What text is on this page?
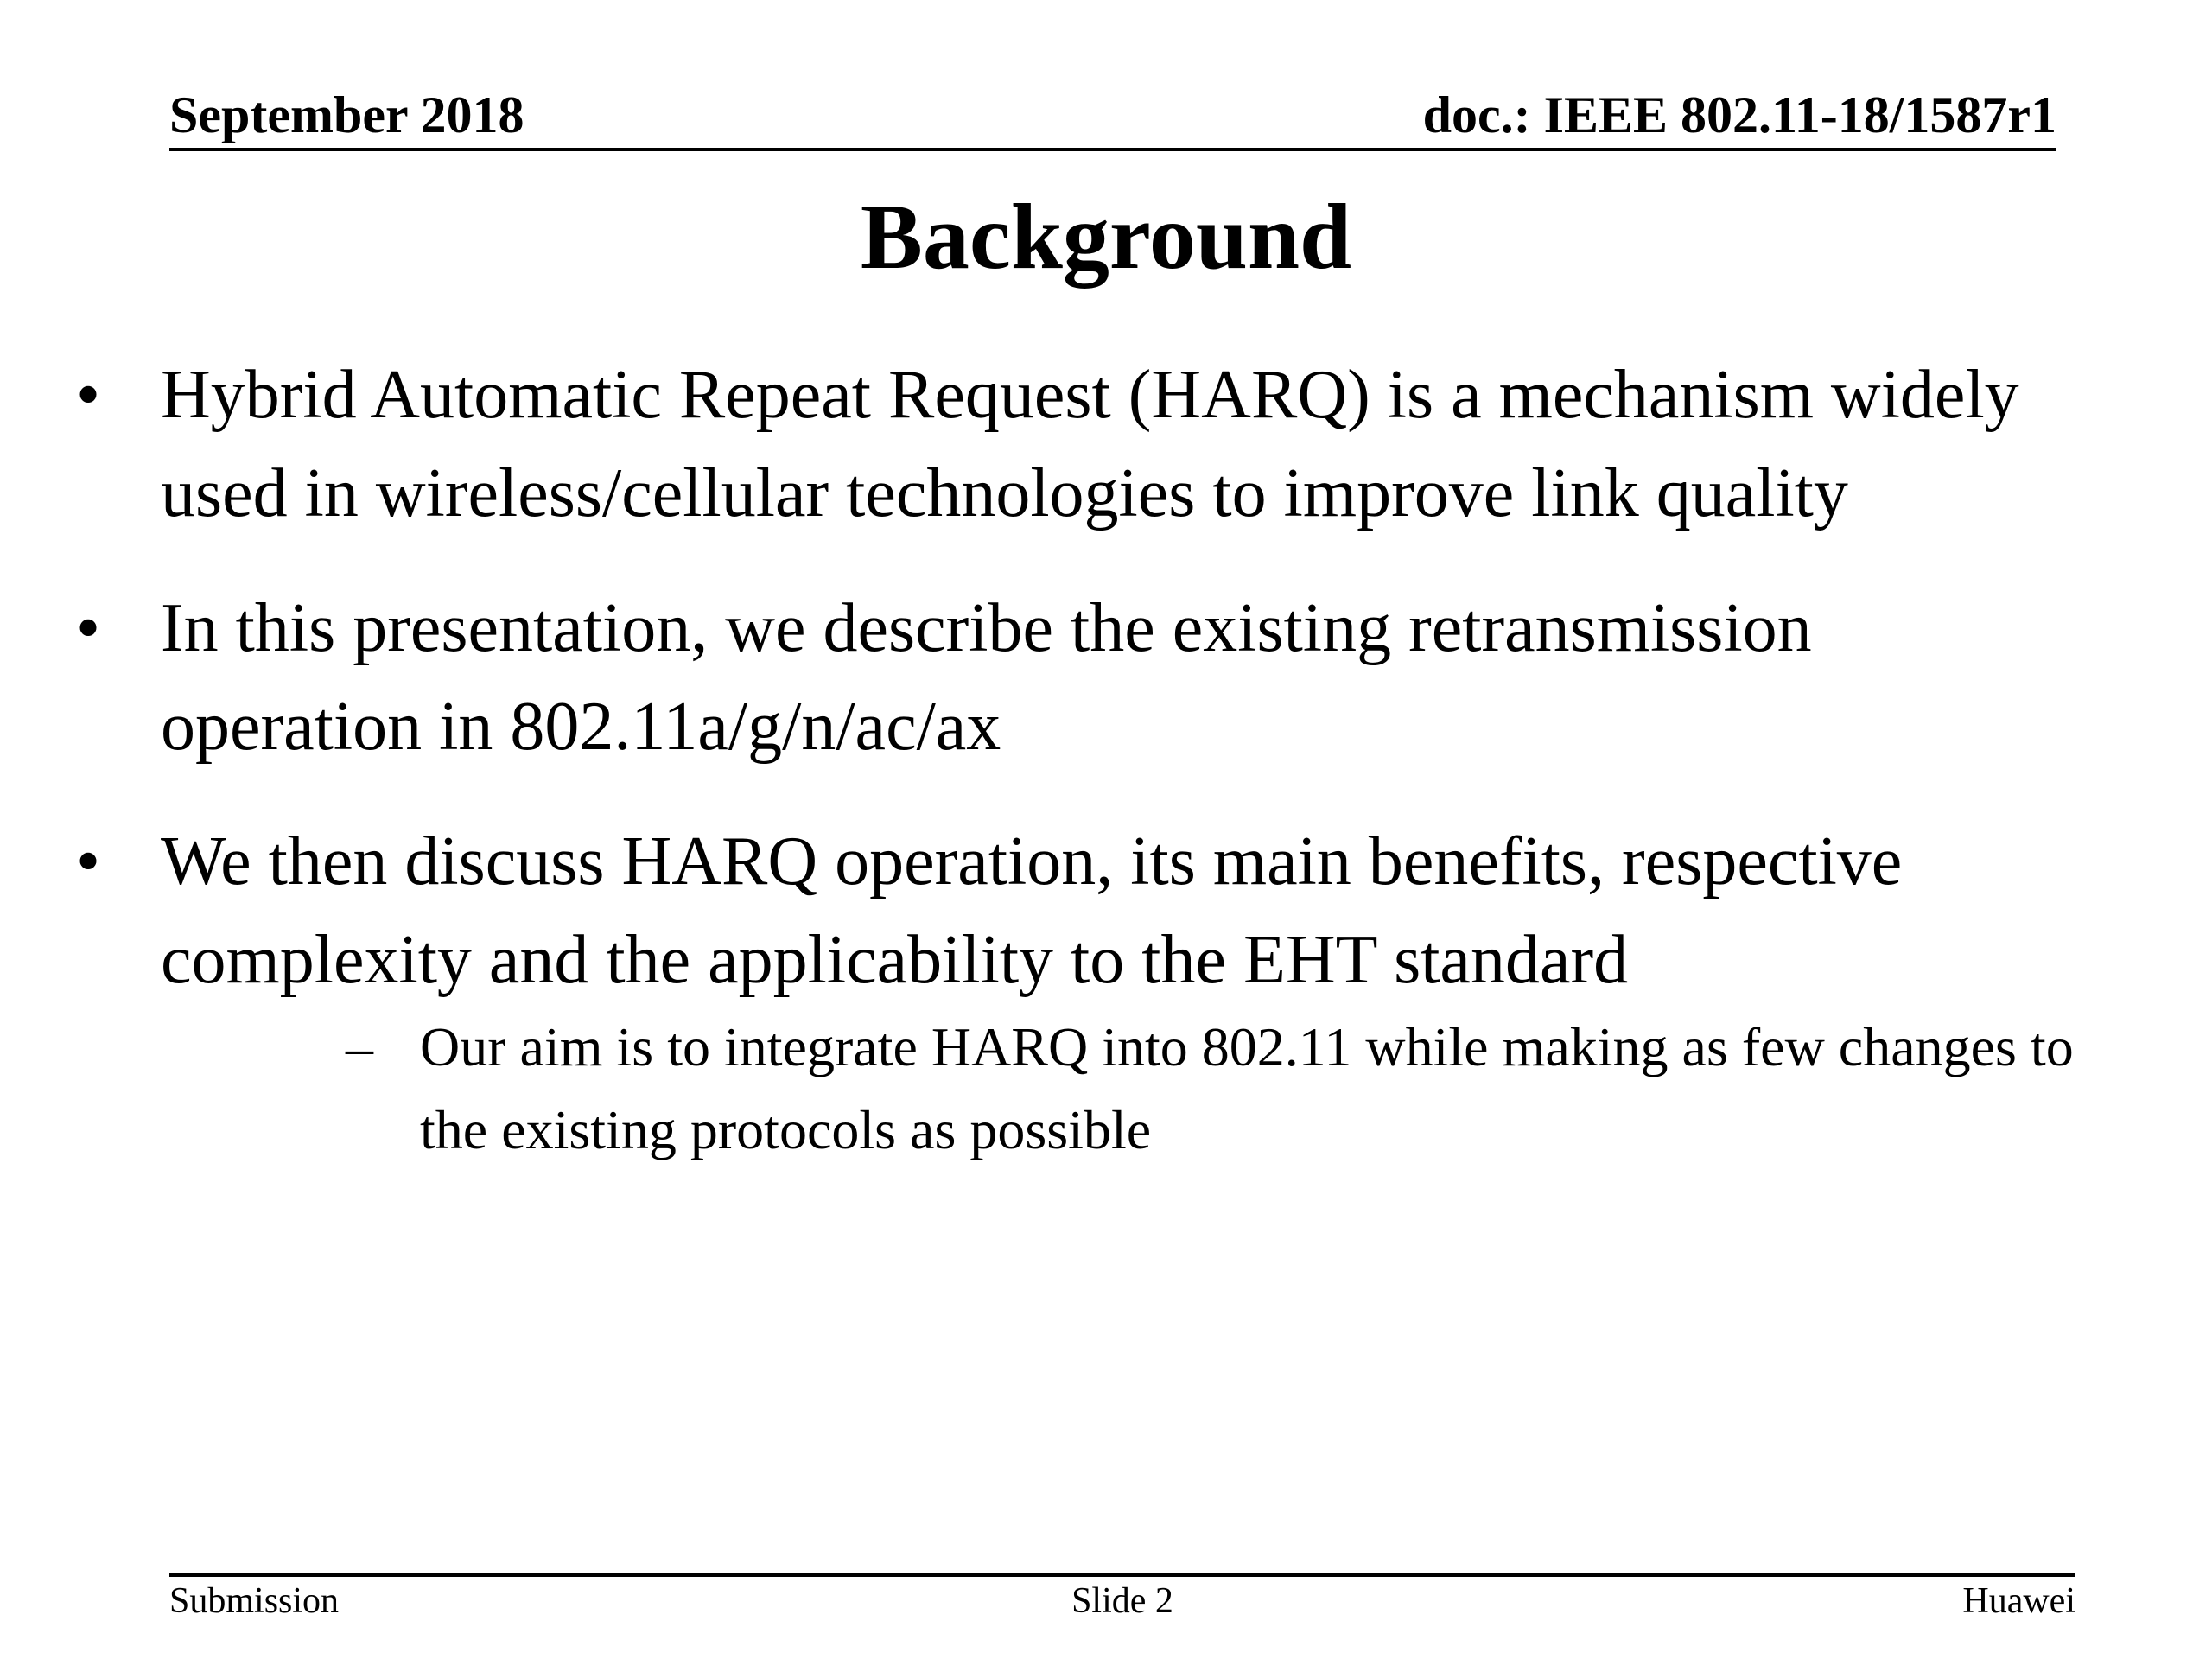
September 2018	doc.: IEEE 802.11-18/1587r1
Background
• Hybrid Automatic Repeat Request (HARQ) is a mechanism widely
used in wireless/cellular technologies to improve link quality
• In this presentation, we describe the existing retransmission
operation in 802.11a/g/n/ac/ax
• We then discuss HARQ operation, its main benefits, respective
complexity and the applicability to the EHT standard
– Our aim is to integrate HARQ into 802.11 while making as few changes to
the existing protocols as possible
Submission	Slide 2	Huawei
